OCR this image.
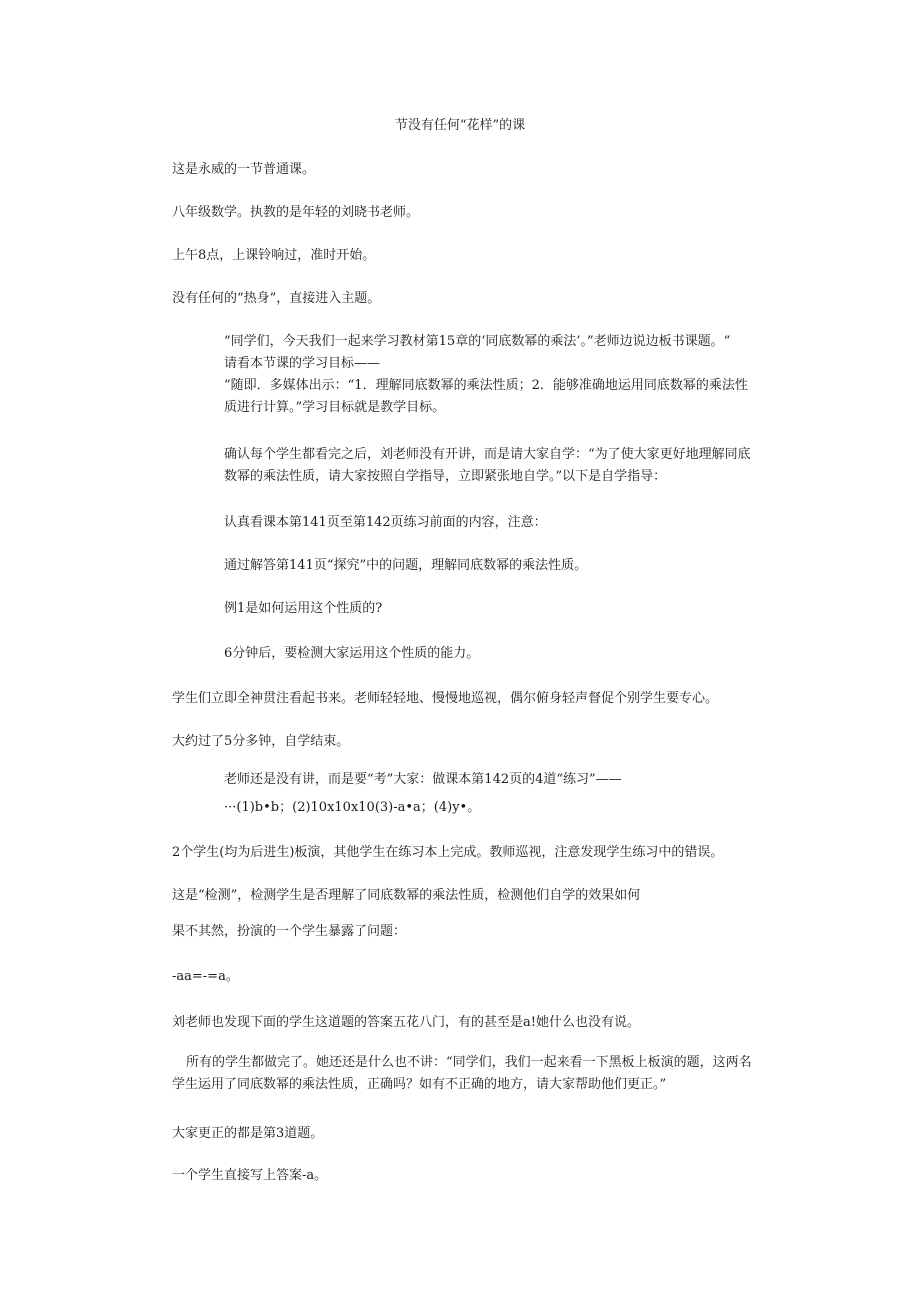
节没有任何“花样”的课
这是永威的一节普通课。
八年级数学。执教的是年轻的刘晓书老师。
上午8点，上课铃响过，准时开始。
没有任何的“热身”，直接进入主题。
“同学们，今天我们一起来学习教材第15章的‘同底数幂的乘法’。”老师边说边板书课题。“
请看本节课的学习目标——
”随即．多媒体出示：“1．理解同底数幂的乘法性质；2．能够准确地运用同底数幂的乘法性
质进行计算。”学习目标就是教学目标。
确认每个学生都看完之后，刘老师没有开讲，而是请大家自学：“为了使大家更好地理解同底
数幂的乘法性质，请大家按照自学指导，立即紧张地自学。”以下是自学指导：
认真看课本第141页至第142页练习前面的内容，注意：
通过解答第141页“探究”中的问题，理解同底数幂的乘法性质。
例1是如何运用这个性质的?
6分钟后，要检测大家运用这个性质的能力。
学生们立即全神贯注看起书来。老师轻轻地、慢慢地巡视，偶尔俯身轻声督促个别学生要专心。
大约过了5分多钟，自学结束。
老师还是没有讲，而是要“考”大家：做课本第142页的4道“练习”——
···(1)b•b；(2)10x10x10(3)-a•a；(4)y•。
2个学生(均为后进生)板演，其他学生在练习本上完成。教师巡视，注意发现学生练习中的错误。
这是“检测”，检测学生是否理解了同底数幂的乘法性质，检测他们自学的效果如何
果不其然，扮演的一个学生暴露了问题：
-aa=-=a。
刘老师也发现下面的学生这道题的答案五花八门，有的甚至是a!她什么也没有说。
所有的学生都做完了。她还还是什么也不讲：“同学们，我们一起来看一下黑板上板演的题，这两名
学生运用了同底数幂的乘法性质，正确吗？如有不正确的地方，请大家帮助他们更正。”
大家更正的都是第3道题。
一个学生直接写上答案-a。
